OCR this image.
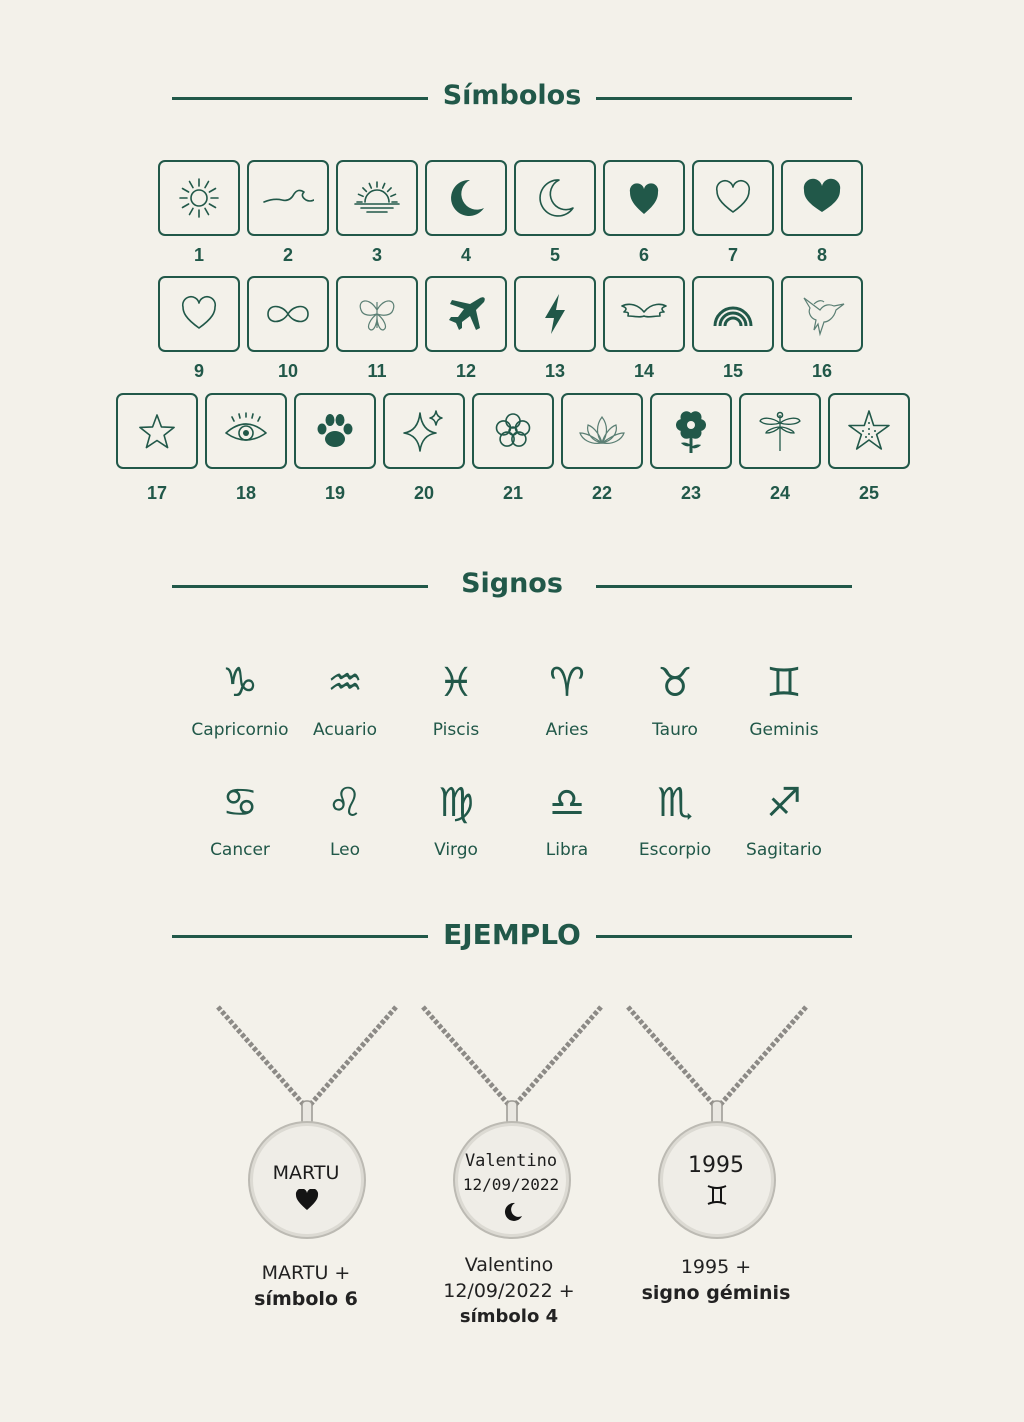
Símbolos
1	2	3	4	5	6	7	8
9	10	11	12	13	14	15	16
17	18	19	20	21	22	23	24	25
Signos
♑
Capricornio
♒
Acuario
♓
Piscis
♈
Aries
♉
Tauro
♊
Geminis
♋
Cancer
♌
Leo
♍
Virgo
♎
Libra
♏
Escorpio
♐
Sagitario
EJEMPLO
MARTU
MARTU +
símbolo 6
Valentino
12/09/2022
Valentino
12/09/2022 +
símbolo 4
1995
1995 +
signo géminis
